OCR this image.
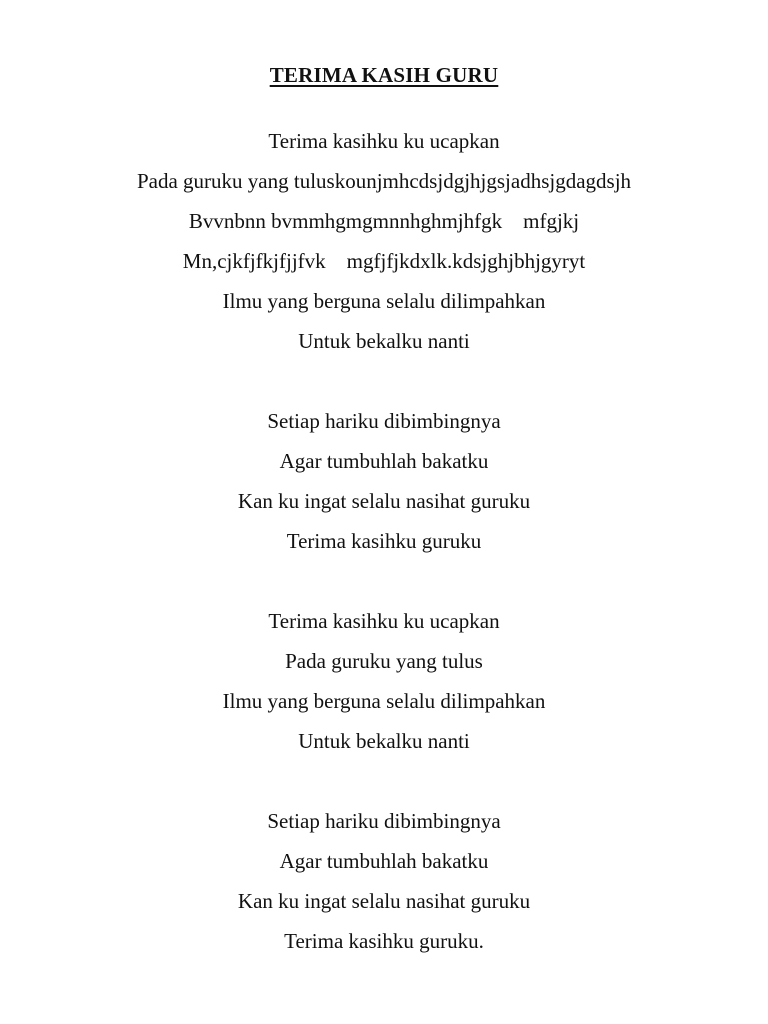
TERIMA KASIH GURU
Terima kasihku ku ucapkan
Pada guruku yang tuluskounjmhcdsjdgjhjgsjadhsjgdagdsjh
Bvvnbnn bvmmhgmgmnnhghmjhfgk    mfgjkj
Mn,cjkfjfkjfjjfvk    mgfjfjkdxlk.kdsjghjbhjgyryt
Ilmu yang berguna selalu dilimpahkan
Untuk bekalku nanti
Setiap hariku dibimbingnya
Agar tumbuhlah bakatku
Kan ku ingat selalu nasihat guruku
Terima kasihku guruku
Terima kasihku ku ucapkan
Pada guruku yang tulus
Ilmu yang berguna selalu dilimpahkan
Untuk bekalku nanti
Setiap hariku dibimbingnya
Agar tumbuhlah bakatku
Kan ku ingat selalu nasihat guruku
Terima kasihku guruku.
